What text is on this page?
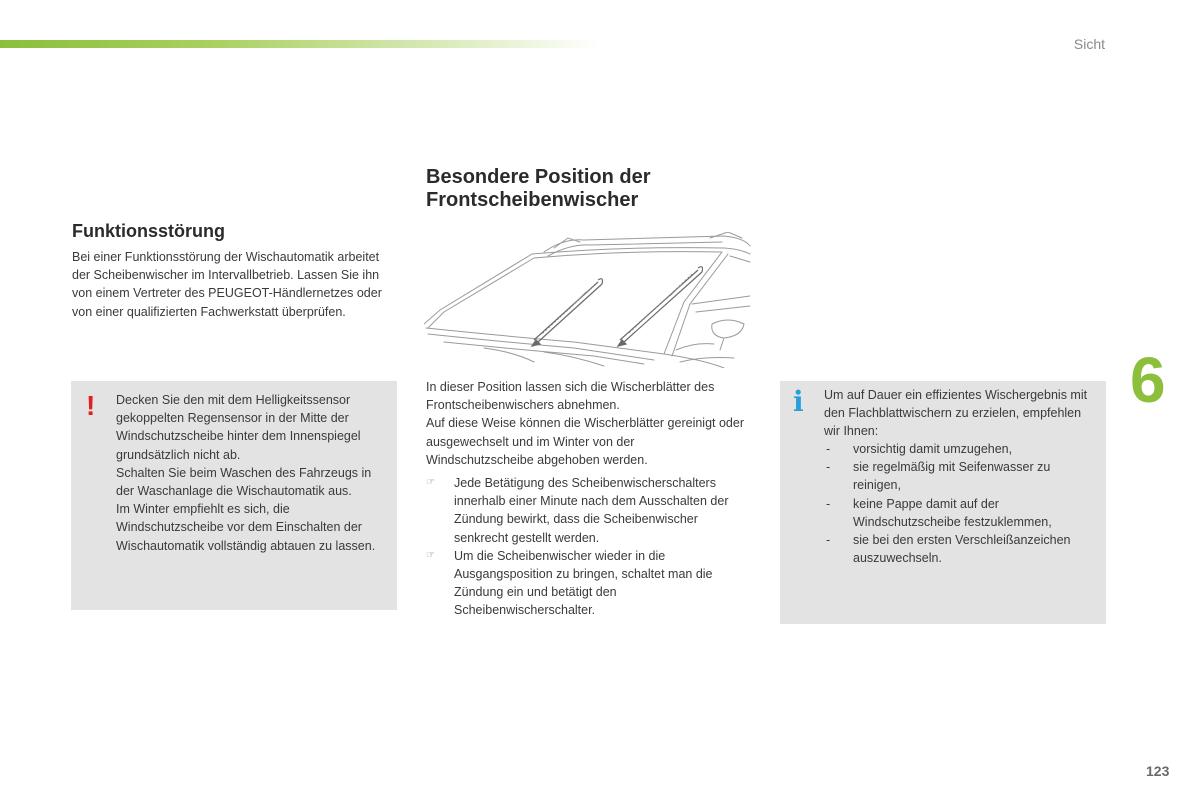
Sicht
6
123
Funktionsstörung

Bei einer Funktionsstörung der Wischautomatik arbeitet der Scheibenwischer im Intervallbetrieb. Lassen Sie ihn von einem Vertreter des PEUGEOT-Händlernetzes oder von einer qualifizierten Fachwerkstatt überprüfen.

! Decken Sie den mit dem Helligkeitssensor gekoppelten Regensensor in der Mitte der Windschutzscheibe hinter dem Innenspiegel grundsätzlich nicht ab.
Schalten Sie beim Waschen des Fahrzeugs in der Waschanlage die Wischautomatik aus.
Im Winter empfiehlt es sich, die Windschutzscheibe vor dem Einschalten der Wischautomatik vollständig abtauen zu lassen.
Besondere Position der Frontscheibenwischer
In dieser Position lassen sich die Wischerblätter des Frontscheibenwischers abnehmen.
Auf diese Weise können die Wischerblätter gereinigt oder ausgewechselt und im Winter von der Windschutzscheibe abgehoben werden.
☞ Jede Betätigung des Scheibenwischerschalters innerhalb einer Minute nach dem Ausschalten der Zündung bewirkt, dass die Scheibenwischer senkrecht gestellt werden.
☞ Um die Scheibenwischer wieder in die Ausgangsposition zu bringen, schaltet man die Zündung ein und betätigt den Scheibenwischerschalter.
i Um auf Dauer ein effizientes Wischergebnis mit den Flachblattwischern zu erzielen, empfehlen wir Ihnen:

- vorsichtig damit umzugehen,
- sie regelmäßig mit Seifenwasser zu reinigen,
- keine Pappe damit auf der Windschutzscheibe festzuklemmen,
- sie bei den ersten Verschleißanzeichen auszuwechseln.
